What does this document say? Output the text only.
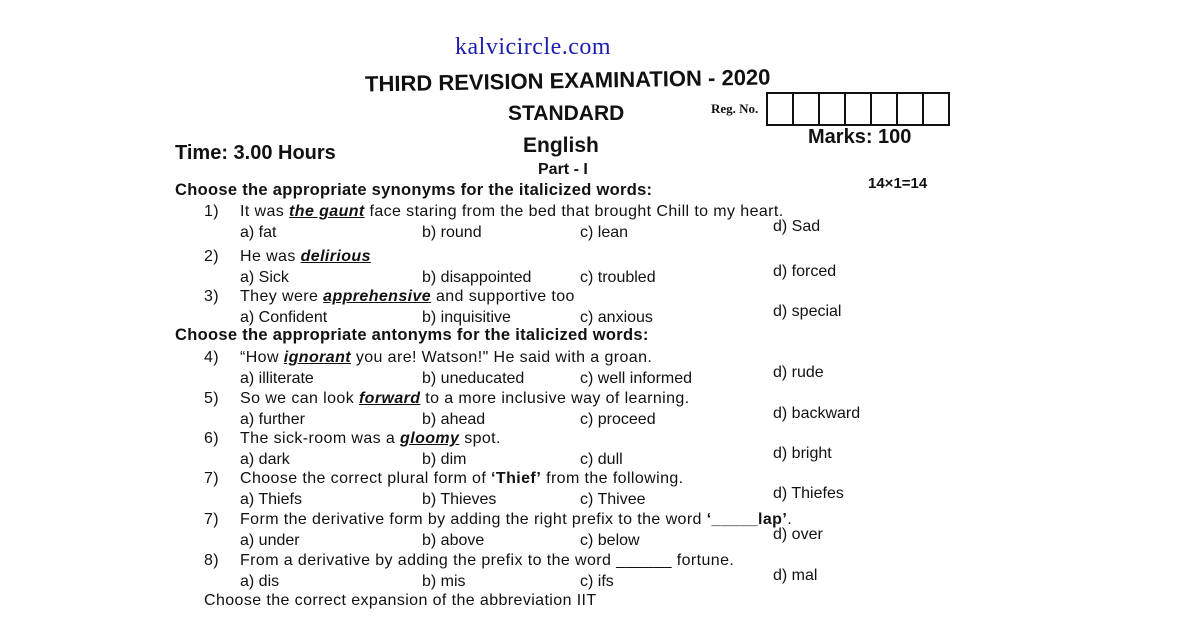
kalvicircle.com
THIRD REVISION EXAMINATION - 2020
STANDARD	Reg. No.
English	Marks: 100
Time: 3.00 Hours
Part - I
14×1=14
Choose the appropriate synonyms for the italicized words:
Choose the appropriate antonyms for the italicized words:
1) It was the gaunt face staring from the bed that brought Chill to my heart.
a) fat	b) round	c) lean	d) Sad
2) He was delirious
a) Sick	b) disappointed	c) troubled	d) forced
3) They were apprehensive and supportive too
a) Confident	b) inquisitive	c) anxious	d) special
4) “How ignorant you are! Watson!" He said with a groan.
a) illiterate	b) uneducated	c) well informed	d) rude
5) So we can look forward to a more inclusive way of learning.
a) further	b) ahead	c) proceed	d) backward
6) The sick-room was a gloomy spot.
a) dark	b) dim	c) dull	d) bright
7) Choose the correct plural form of ‘Thief’ from the following.
a) Thiefs	b) Thieves	c) Thivee	d) Thiefes
7) Form the derivative form by adding the right prefix to the word ‘_____lap’.
a) under	b) above	c) below	d) over
8) From a derivative by adding the prefix to the word ______ fortune.
a) dis	b) mis	c) ifs	d) mal
Choose the correct expansion of the abbreviation IIT
